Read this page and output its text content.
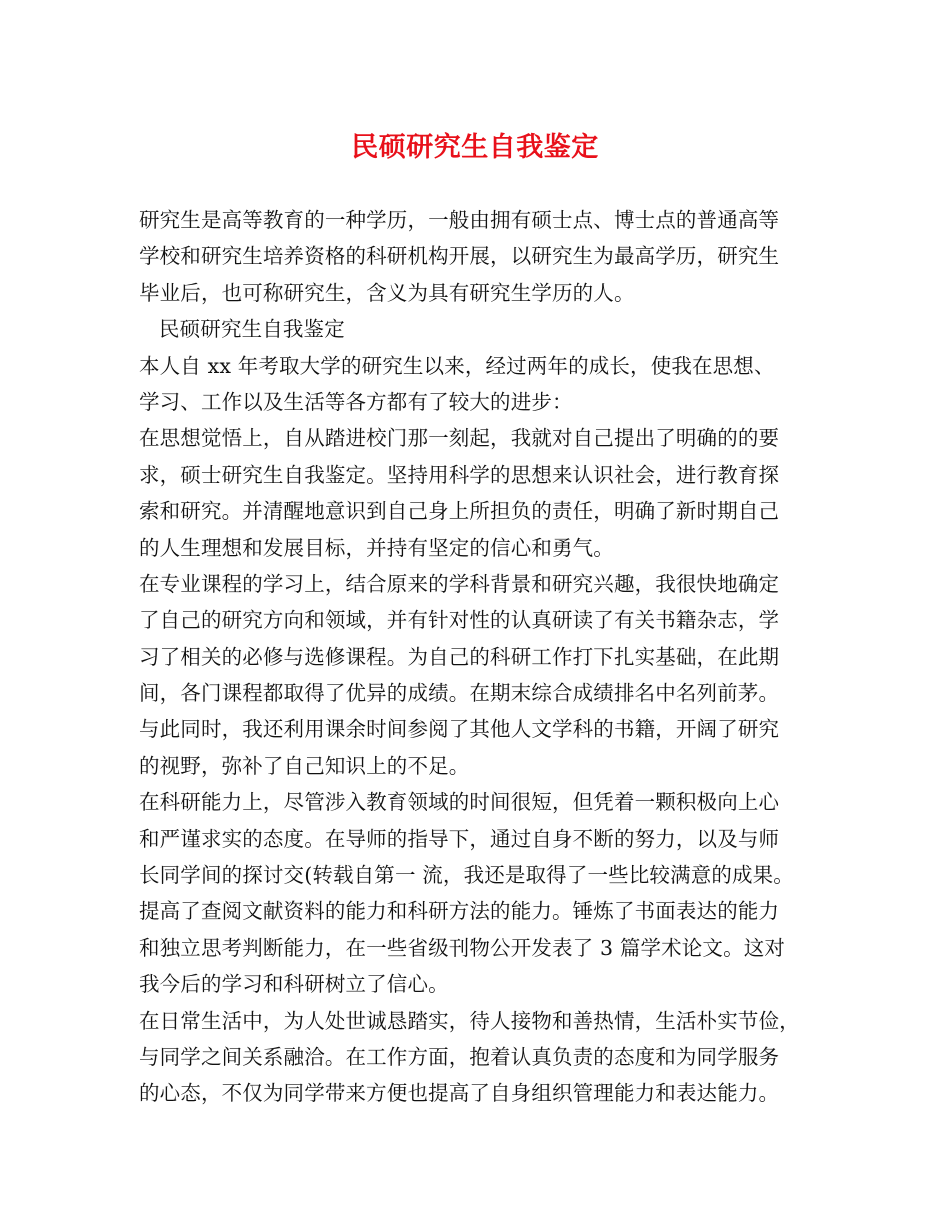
民硕研究生自我鉴定
研究生是高等教育的一种学历，一般由拥有硕士点、博士点的普通高等
学校和研究生培养资格的科研机构开展，以研究生为最高学历，研究生
毕业后，也可称研究生，含义为具有研究生学历的人。
民硕研究生自我鉴定
本人自 xx 年考取大学的研究生以来，经过两年的成长，使我在思想、
学习、工作以及生活等各方都有了较大的进步：
在思想觉悟上，自从踏进校门那一刻起，我就对自己提出了明确的的要
求，硕士研究生自我鉴定。坚持用科学的思想来认识社会，进行教育探
索和研究。并清醒地意识到自己身上所担负的责任，明确了新时期自己
的人生理想和发展目标，并持有坚定的信心和勇气。
在专业课程的学习上，结合原来的学科背景和研究兴趣，我很快地确定
了自己的研究方向和领域，并有针对性的认真研读了有关书籍杂志，学
习了相关的必修与选修课程。为自己的科研工作打下扎实基础，在此期
间，各门课程都取得了优异的成绩。在期末综合成绩排名中名列前茅。
与此同时，我还利用课余时间参阅了其他人文学科的书籍，开阔了研究
的视野，弥补了自己知识上的不足。
在科研能力上，尽管涉入教育领域的时间很短，但凭着一颗积极向上心
和严谨求实的态度。在导师的指导下，通过自身不断的努力，以及与师
长同学间的探讨交(转载自第一 流，我还是取得了一些比较满意的成果。
提高了查阅文献资料的能力和科研方法的能力。锤炼了书面表达的能力
和独立思考判断能力，在一些省级刊物公开发表了 3 篇学术论文。这对
我今后的学习和科研树立了信心。
在日常生活中，为人处世诚恳踏实，待人接物和善热情，生活朴实节俭，
与同学之间关系融洽。在工作方面，抱着认真负责的态度和为同学服务
的心态，不仅为同学带来方便也提高了自身组织管理能力和表达能力。
